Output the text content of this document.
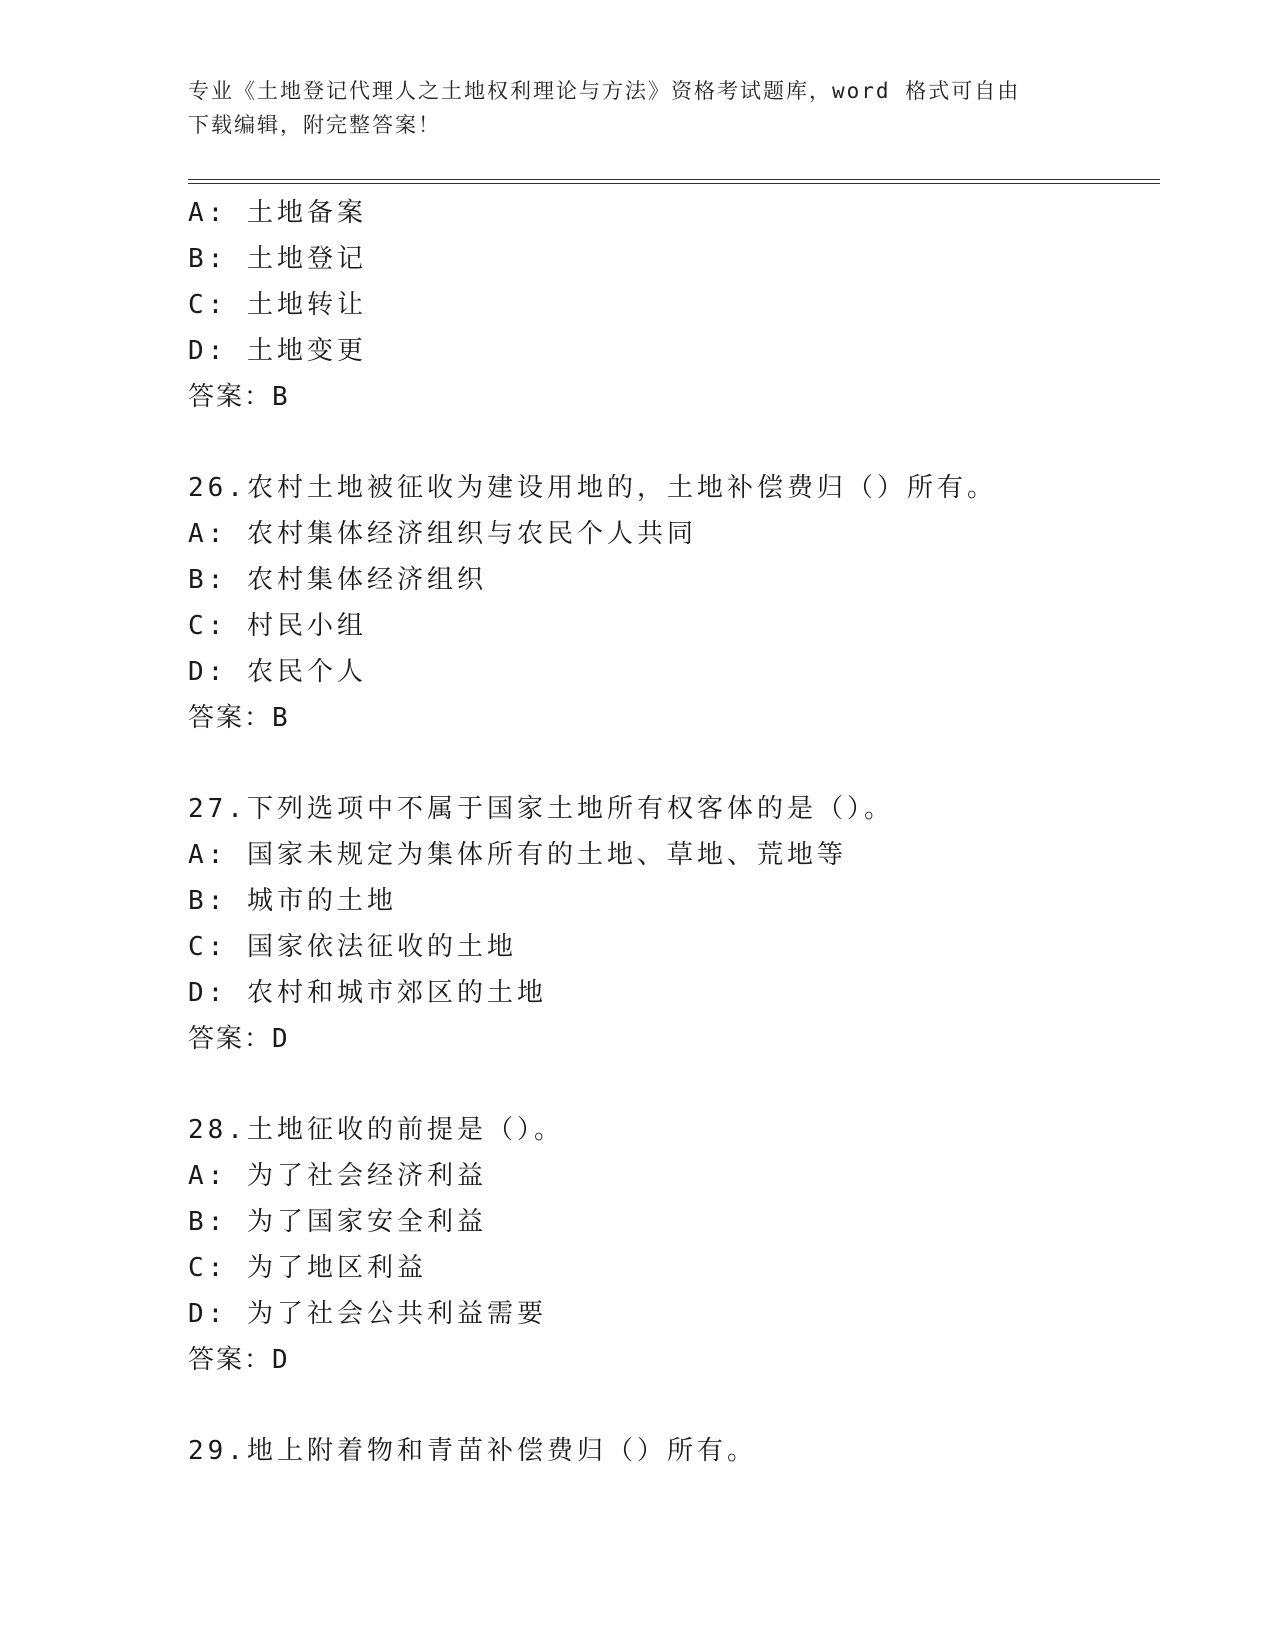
专业《土地登记代理人之土地权利理论与方法》资格考试题库，word 格式可自由
下载编辑，附完整答案！
A: 土地备案
B: 土地登记
C: 土地转让
D: 土地变更
答案：B
26.农村土地被征收为建设用地的，土地补偿费归（）所有。
A: 农村集体经济组织与农民个人共同
B: 农村集体经济组织
C: 村民小组
D: 农民个人
答案：B
27.下列选项中不属于国家土地所有权客体的是（）。
A: 国家未规定为集体所有的土地、草地、荒地等
B: 城市的土地
C: 国家依法征收的土地
D: 农村和城市郊区的土地
答案：D
28.土地征收的前提是（）。
A: 为了社会经济利益
B: 为了国家安全利益
C: 为了地区利益
D: 为了社会公共利益需要
答案：D
29.地上附着物和青苗补偿费归（）所有。
